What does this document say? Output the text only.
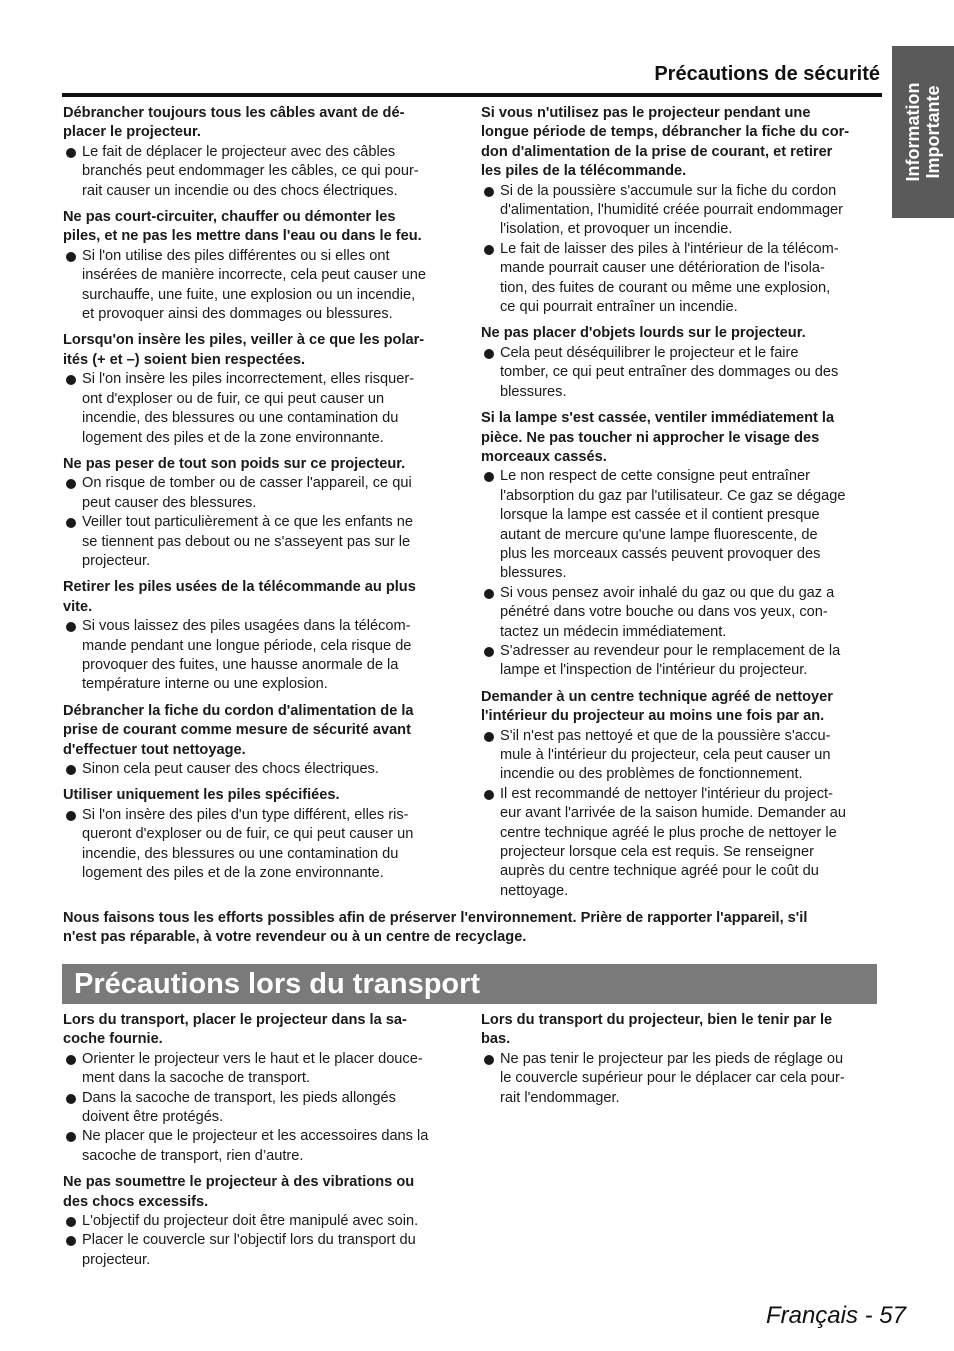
Information Importante
Précautions de sécurité
Débrancher toujours tous les câbles avant de dé-
placer le projecteur.
Le fait de déplacer le projecteur avec des câbles
branchés peut endommager les câbles, ce qui pour-
rait causer un incendie ou des chocs électriques.
Ne pas court-circuiter, chauffer ou démonter les
piles, et ne pas les mettre dans l'eau ou dans le feu.
Si l'on utilise des piles différentes ou si elles ont
insérées de manière incorrecte, cela peut causer une
surchauffe, une fuite, une explosion ou un incendie,
et provoquer ainsi des dommages ou blessures.
Lorsqu'on insère les piles, veiller à ce que les polar-
ités (+ et –) soient bien respectées.
Si l'on insère les piles incorrectement, elles risquer-
ont d'exploser ou de fuir, ce qui peut causer un
incendie, des blessures ou une contamination du
logement des piles et de la zone environnante.
Ne pas peser de tout son poids sur ce projecteur.
On risque de tomber ou de casser l'appareil, ce qui
peut causer des blessures.
Veiller tout particulièrement à ce que les enfants ne
se tiennent pas debout ou ne s'asseyent pas sur le
projecteur.
Retirer les piles usées de la télécommande au plus
vite.
Si vous laissez des piles usagées dans la télécom-
mande pendant une longue période, cela risque de
provoquer des fuites, une hausse anormale de la
température interne ou une explosion.
Débrancher la fiche du cordon d'alimentation de la
prise de courant comme mesure de sécurité avant
d'effectuer tout nettoyage.
Sinon cela peut causer des chocs électriques.
Utiliser uniquement les piles spécifiées.
Si l'on insère des piles d'un type différent, elles ris-
queront d'exploser ou de fuir, ce qui peut causer un
incendie, des blessures ou une contamination du
logement des piles et de la zone environnante.
Si vous n'utilisez pas le projecteur pendant une
longue période de temps, débrancher la fiche du cor-
don d'alimentation de la prise de courant, et retirer
les piles de la télécommande.
Si de la poussière s'accumule sur la fiche du cordon
d'alimentation, l'humidité créée pourrait endommager
l'isolation, et provoquer un incendie.
Le fait de laisser des piles à l'intérieur de la télécom-
mande pourrait causer une détérioration de l'isola-
tion, des fuites de courant ou même une explosion,
ce qui pourrait entraîner un incendie.
Ne pas placer d'objets lourds sur le projecteur.
Cela peut déséquilibrer le projecteur et le faire
tomber, ce qui peut entraîner des dommages ou des
blessures.
Si la lampe s'est cassée, ventiler immédiatement la
pièce. Ne pas toucher ni approcher le visage des
morceaux cassés.
Le non respect de cette consigne peut entraîner
l'absorption du gaz par l'utilisateur. Ce gaz se dégage
lorsque la lampe est cassée et il contient presque
autant de mercure qu'une lampe fluorescente, de
plus les morceaux cassés peuvent provoquer des
blessures.
Si vous pensez avoir inhalé du gaz ou que du gaz a
pénétré dans votre bouche ou dans vos yeux, con-
tactez un médecin immédiatement.
S'adresser au revendeur pour le remplacement de la
lampe et l'inspection de l'intérieur du projecteur.
Demander à un centre technique agréé de nettoyer
l'intérieur du projecteur au moins une fois par an.
S'il n'est pas nettoyé et que de la poussière s'accu-
mule à l'intérieur du projecteur, cela peut causer un
incendie ou des problèmes de fonctionnement.
Il est recommandé de nettoyer l'intérieur du project-
eur avant l'arrivée de la saison humide. Demander au
centre technique agréé le plus proche de nettoyer le
projecteur lorsque cela est requis. Se renseigner
auprès du centre technique agréé pour le coût du
nettoyage.
Nous faisons tous les efforts possibles afin de préserver l'environnement. Prière de rapporter l'appareil, s'il
n'est pas réparable, à votre revendeur ou à un centre de recyclage.
Précautions lors du transport
Lors du transport, placer le projecteur dans la sa-
coche fournie.
Orienter le projecteur vers le haut et le placer douce-
ment dans la sacoche de transport.
Dans la sacoche de transport, les pieds allongés
doivent être protégés.
Ne placer que le projecteur et les accessoires dans la
sacoche de transport, rien d’autre.
Ne pas soumettre le projecteur à des vibrations ou
des chocs excessifs.
L'objectif du projecteur doit être manipulé avec soin.
Placer le couvercle sur l'objectif lors du transport du
projecteur.
Lors du transport du projecteur, bien le tenir par le
bas.
Ne pas tenir le projecteur par les pieds de réglage ou
le couvercle supérieur pour le déplacer car cela pour-
rait l'endommager.
Français - 57
